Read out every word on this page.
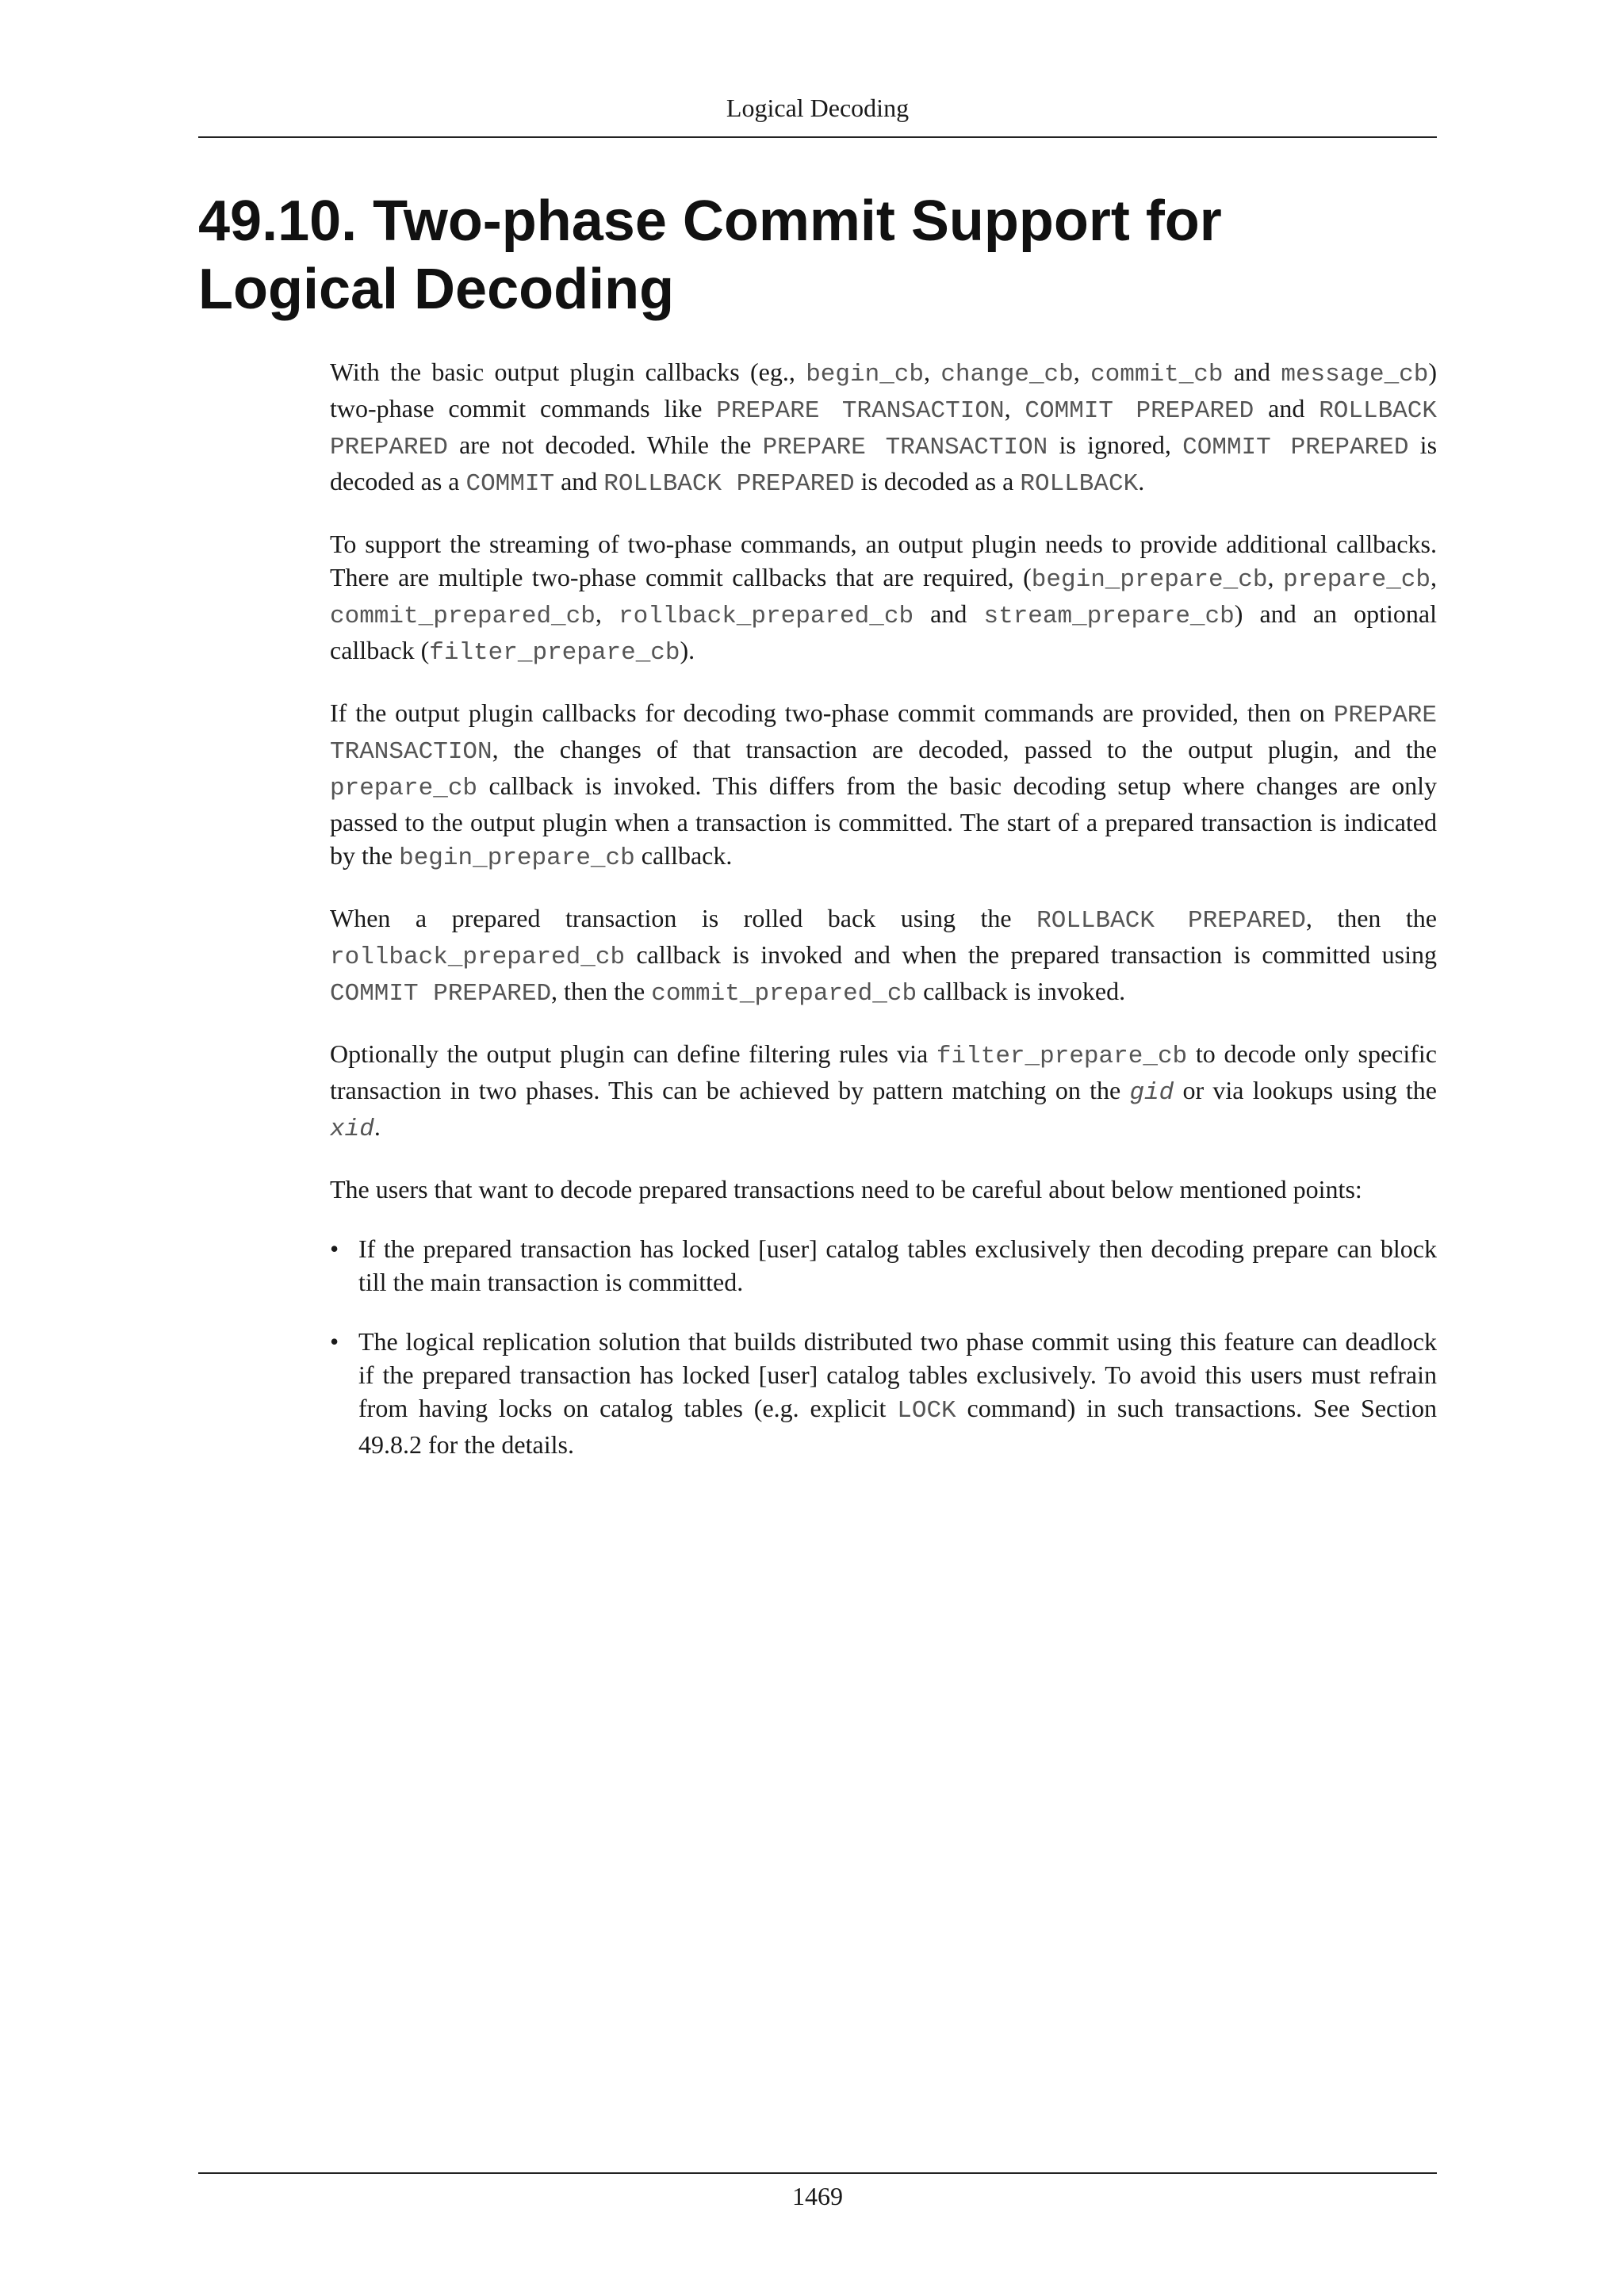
Logical Decoding
49.10. Two-phase Commit Support for Logical Decoding

With the basic output plugin callbacks (eg., begin_cb, change_cb, commit_cb and message_cb) two-phase commit commands like PREPARE TRANSACTION, COMMIT PREPARED and ROLLBACK PREPARED are not decoded. While the PREPARE TRANSACTION is ignored, COMMIT PREPARED is decoded as a COMMIT and ROLLBACK PREPARED is decoded as a ROLLBACK.

To support the streaming of two-phase commands, an output plugin needs to provide additional callbacks. There are multiple two-phase commit callbacks that are required, (begin_prepare_cb, prepare_cb, commit_prepared_cb, rollback_prepared_cb and stream_prepare_cb) and an optional callback (filter_prepare_cb).

If the output plugin callbacks for decoding two-phase commit commands are provided, then on PREPARE TRANSACTION, the changes of that transaction are decoded, passed to the output plugin, and the prepare_cb callback is invoked. This differs from the basic decoding setup where changes are only passed to the output plugin when a transaction is committed. The start of a prepared transaction is indicated by the begin_prepare_cb callback.

When a prepared transaction is rolled back using the ROLLBACK PREPARED, then the rollback_prepared_cb callback is invoked and when the prepared transaction is committed using COMMIT PREPARED, then the commit_prepared_cb callback is invoked.

Optionally the output plugin can define filtering rules via filter_prepare_cb to decode only specific transaction in two phases. This can be achieved by pattern matching on the gid or via lookups using the xid.

The users that want to decode prepared transactions need to be careful about below mentioned points:

• If the prepared transaction has locked [user] catalog tables exclusively then decoding prepare can block till the main transaction is committed.
• The logical replication solution that builds distributed two phase commit using this feature can deadlock if the prepared transaction has locked [user] catalog tables exclusively. To avoid this users must refrain from having locks on catalog tables (e.g. explicit LOCK command) in such transactions. See Section 49.8.2 for the details.
1469
